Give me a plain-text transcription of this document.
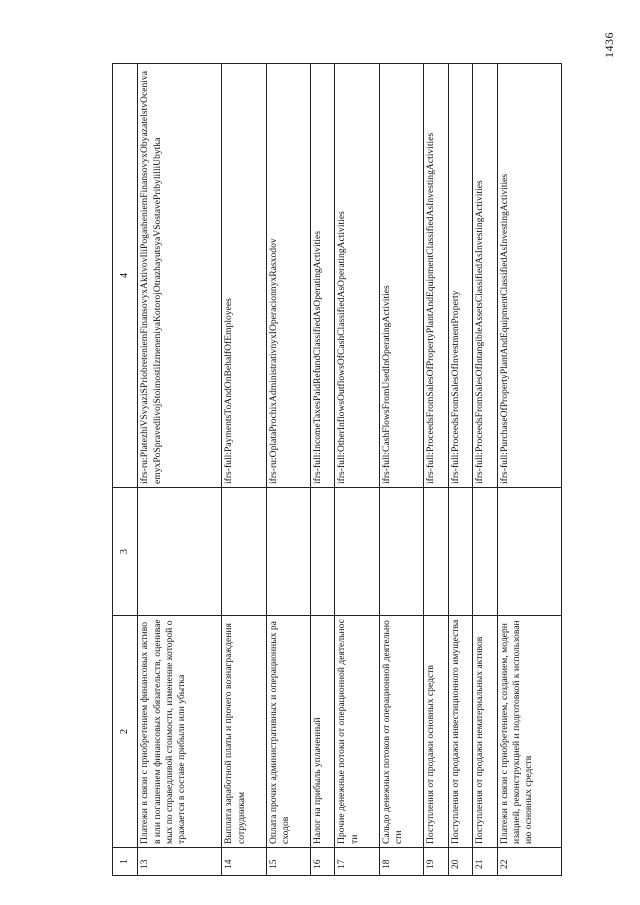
1436
1	2	3	4
13	Платежи в связи с приобретением финансовых активов или погашением финансовых обязательств, оцениваемых по справедливой стоимости, изменение которой отражается в составе прибыли или убытка		ifrs-ru:PlatezhiVSvyaziSPriobreteniemFinansovyxAktivovIliPogasheniemFinansovyxObyazatelstvOcenivaemyxPoSpravedlivojStoimostiIzmeneniyaKotorojOtrazhayutsyaVSostavePribylilliUbytka
14	Выплата заработной платы и прочего вознаграждения сотрудникам		ifrs-full:PaymentsToAndOnBehalfOfEmployees
15	Оплата прочих административных и операционных расходов		ifrs-ru:OplataProchixAdministrativnyxIOperacionnyxRasxodov
16	Налог на прибыль уплаченный		ifrs-full:IncomeTaxesPaidRefundClassifiedAsOperatingActivities
17	Прочие денежные потоки от операционной деятельности		ifrs-full:OtherInflowsOutflowsOfCashClassifiedAsOperatingActivities
18	Сальдо денежных потоков от операционной деятельности		ifrs-full:CashFlowsFromUsedInOperatingActivities
19	Поступления от продажи основных средств		ifrs-full:ProceedsFromSalesOfPropertyPlantAndEquipmentClassifiedAsInvestingActivities
20	Поступления от продажи инвестиционного имущества		ifrs-full:ProceedsFromSalesOfInvestmentProperty
21	Поступления от продажи нематериальных активов		ifrs-full:ProceedsFromSalesOfIntangibleAssetsClassifiedAsInvestingActivities
22	Платежи в связи с приобретением, созданием, модернизацией, реконструкцией и подготовкой к использованию основных средств		ifrs-full:PurchaseOfPropertyPlantAndEquipmentClassifiedAsInvestingActivities
